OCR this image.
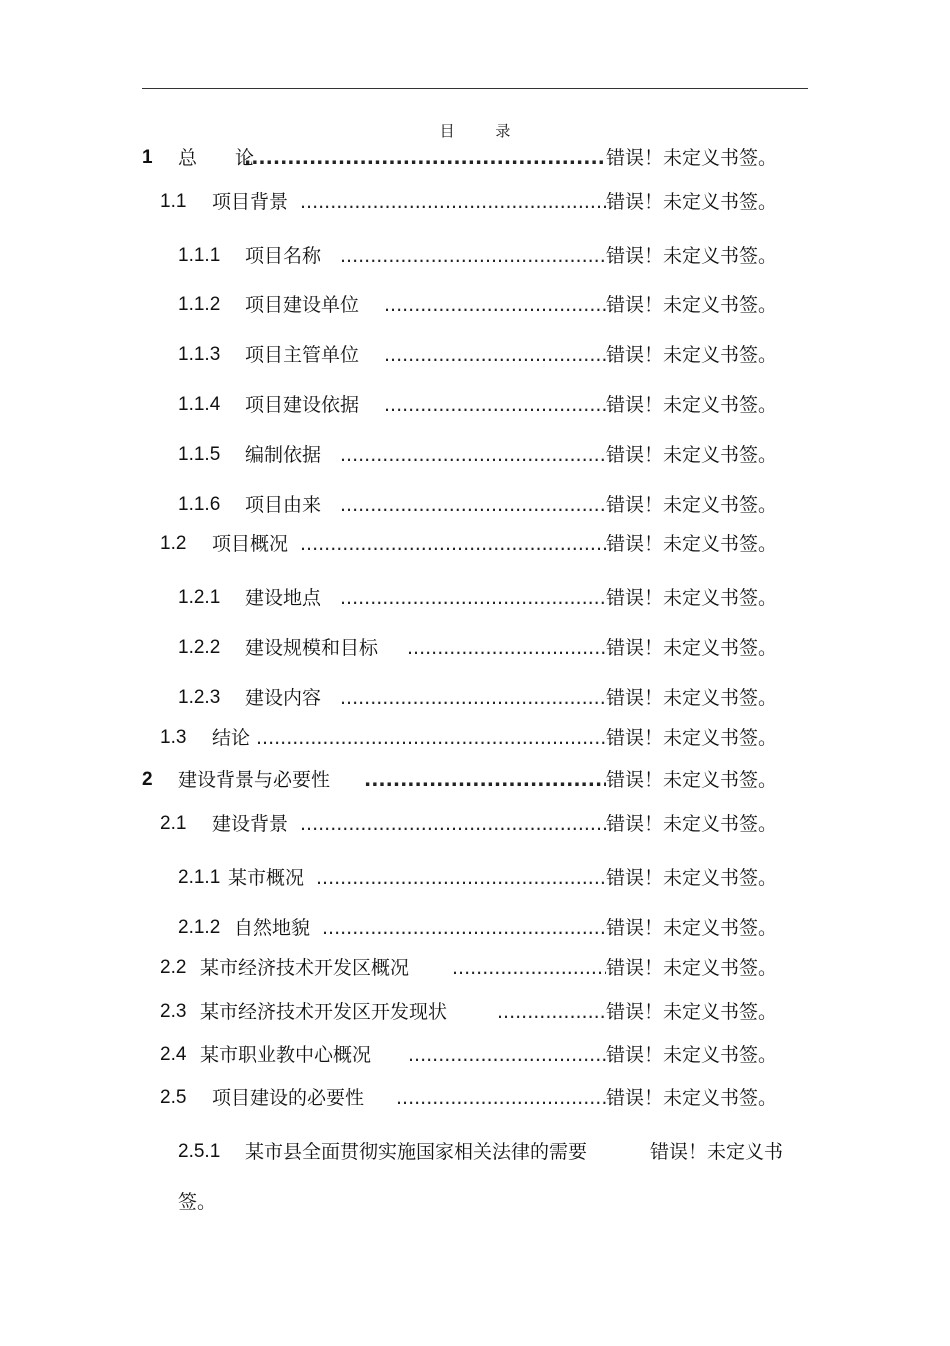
目 录
1 总 论 .....	错误！未定义书签。
1.1 项目背景 .....	错误！未定义书签。
1.1.1 项目名称 .....	错误！未定义书签。
1.1.2 项目建设单位 .....	错误！未定义书签。
1.1.3 项目主管单位 .....	错误！未定义书签。
1.1.4 项目建设依据 .....	错误！未定义书签。
1.1.5 编制依据 .....	错误！未定义书签。
1.1.6 项目由来 .....	错误！未定义书签。
1.2 项目概况 .....	错误！未定义书签。
1.2.1 建设地点 .....	错误！未定义书签。
1.2.2 建设规模和目标 .....	错误！未定义书签。
1.2.3 建设内容 .....	错误！未定义书签。
1.3 结论 .....	错误！未定义书签。
2 建设背景与必要性 .....	错误！未定义书签。
2.1 建设背景 .....	错误！未定义书签。
2.1.1 某市概况 .....	错误！未定义书签。
2.1.2 自然地貌 .....	错误！未定义书签。
2.2 某市经济技术开发区概况 .....	错误！未定义书签。
2.3 某市经济技术开发区开发现状 .....	错误！未定义书签。
2.4 某市职业教中心概况 .....	错误！未定义书签。
2.5 项目建设的必要性 .....	错误！未定义书签。
2.5.1 某市县全面贯彻实施国家相关法律的需要	错误！未定义书
签。
